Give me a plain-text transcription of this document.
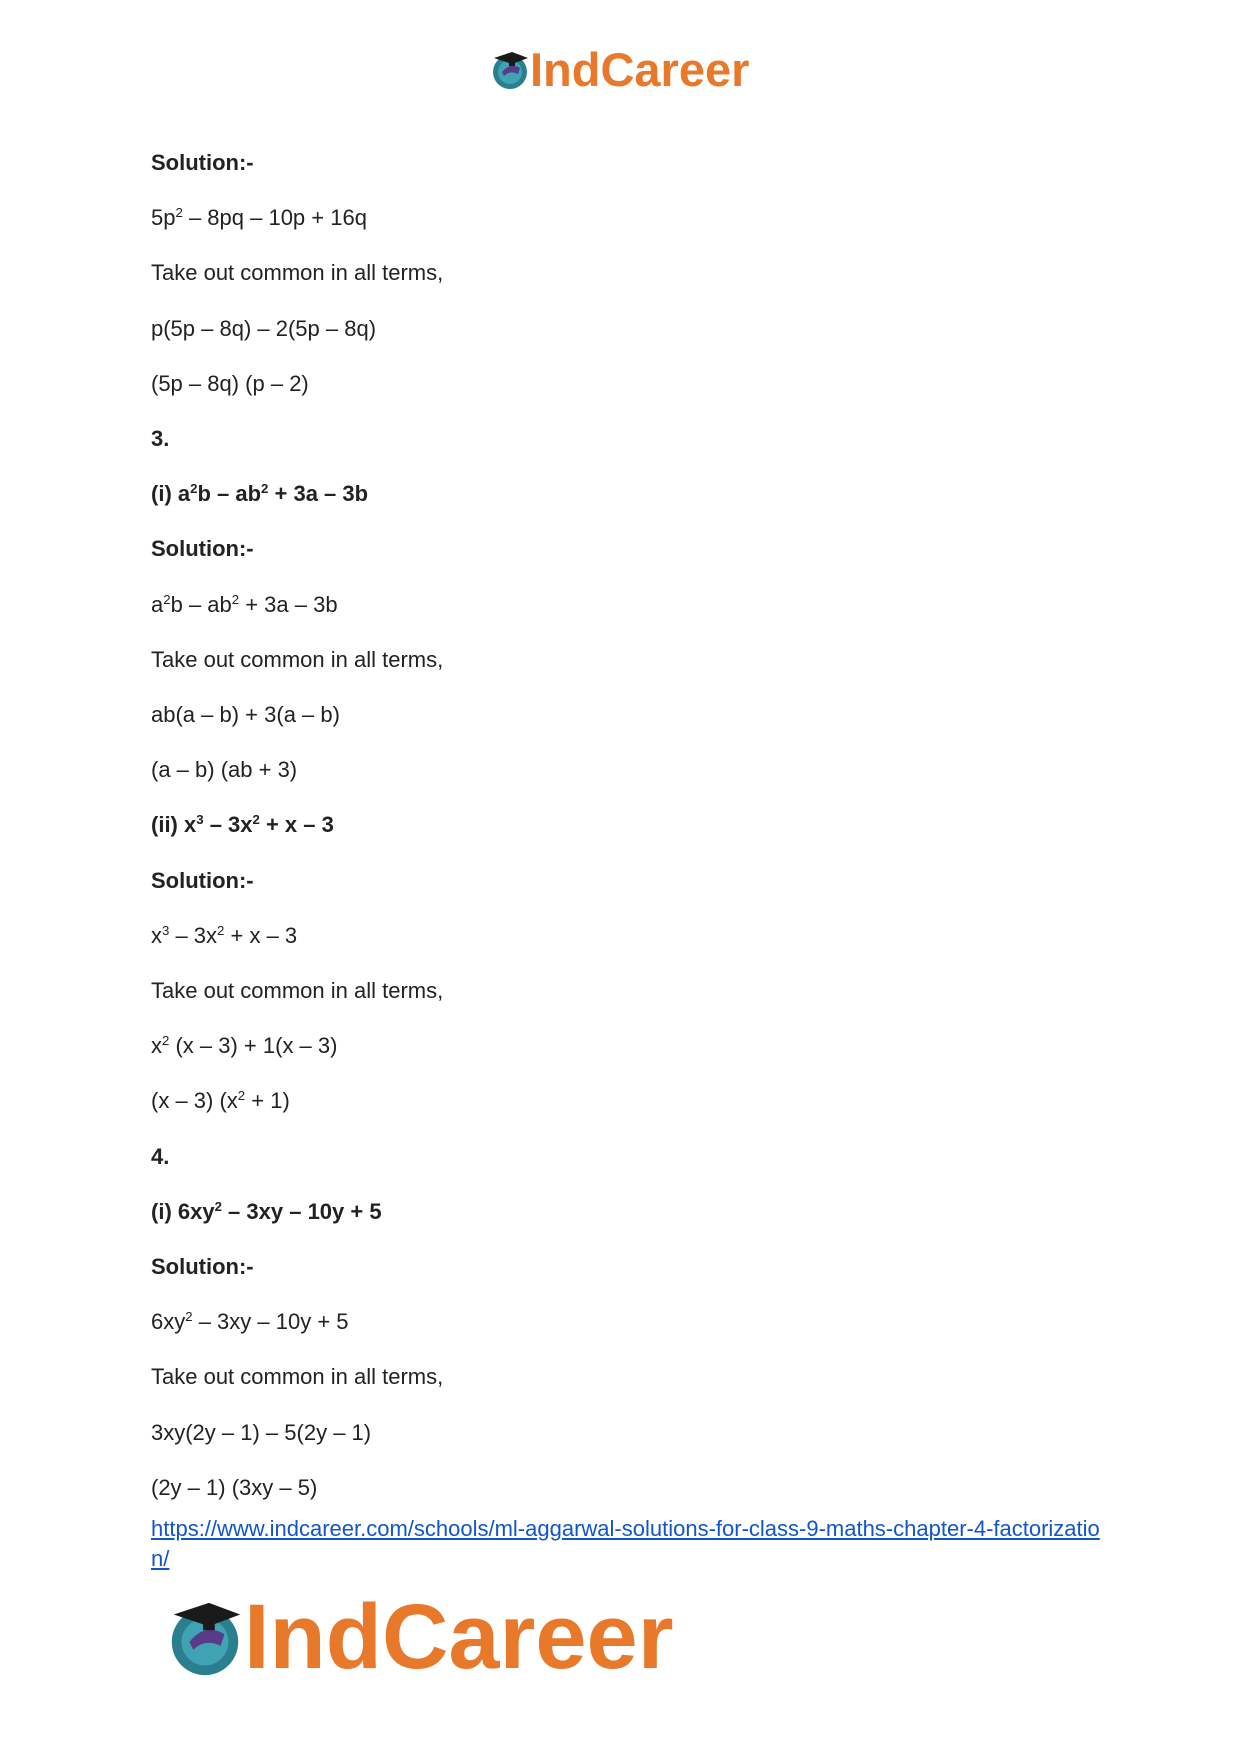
IndCareer
Solution:-
$5p^2 - 8pq - 10p + 16q$
Take out common in all terms,
p(5p – 8q) – 2(5p – 8q)
(5p – 8q) (p – 2)
3.
(i) $a^2b - ab^2 + 3a - 3b$
Solution:-
$a^2b - ab^2 + 3a - 3b$
Take out common in all terms,
ab(a – b) + 3(a – b)
(a – b) (ab + 3)
(ii) $x^3 - 3x^2 + x - 3$
Solution:-
$x^3 - 3x^2 + x - 3$
Take out common in all terms,
$x^2$ (x – 3) + 1(x – 3)
(x – 3) $(x^2 + 1)$
4.
(i) $6xy^2 - 3xy - 10y + 5$
Solution:-
$6xy^2 - 3xy - 10y + 5$
Take out common in all terms,
3xy(2y – 1) – 5(2y – 1)
(2y – 1) (3xy – 5)
https://www.indcareer.com/schools/ml-aggarwal-solutions-for-class-9-maths-chapter-4-factorization/
IndCareer
